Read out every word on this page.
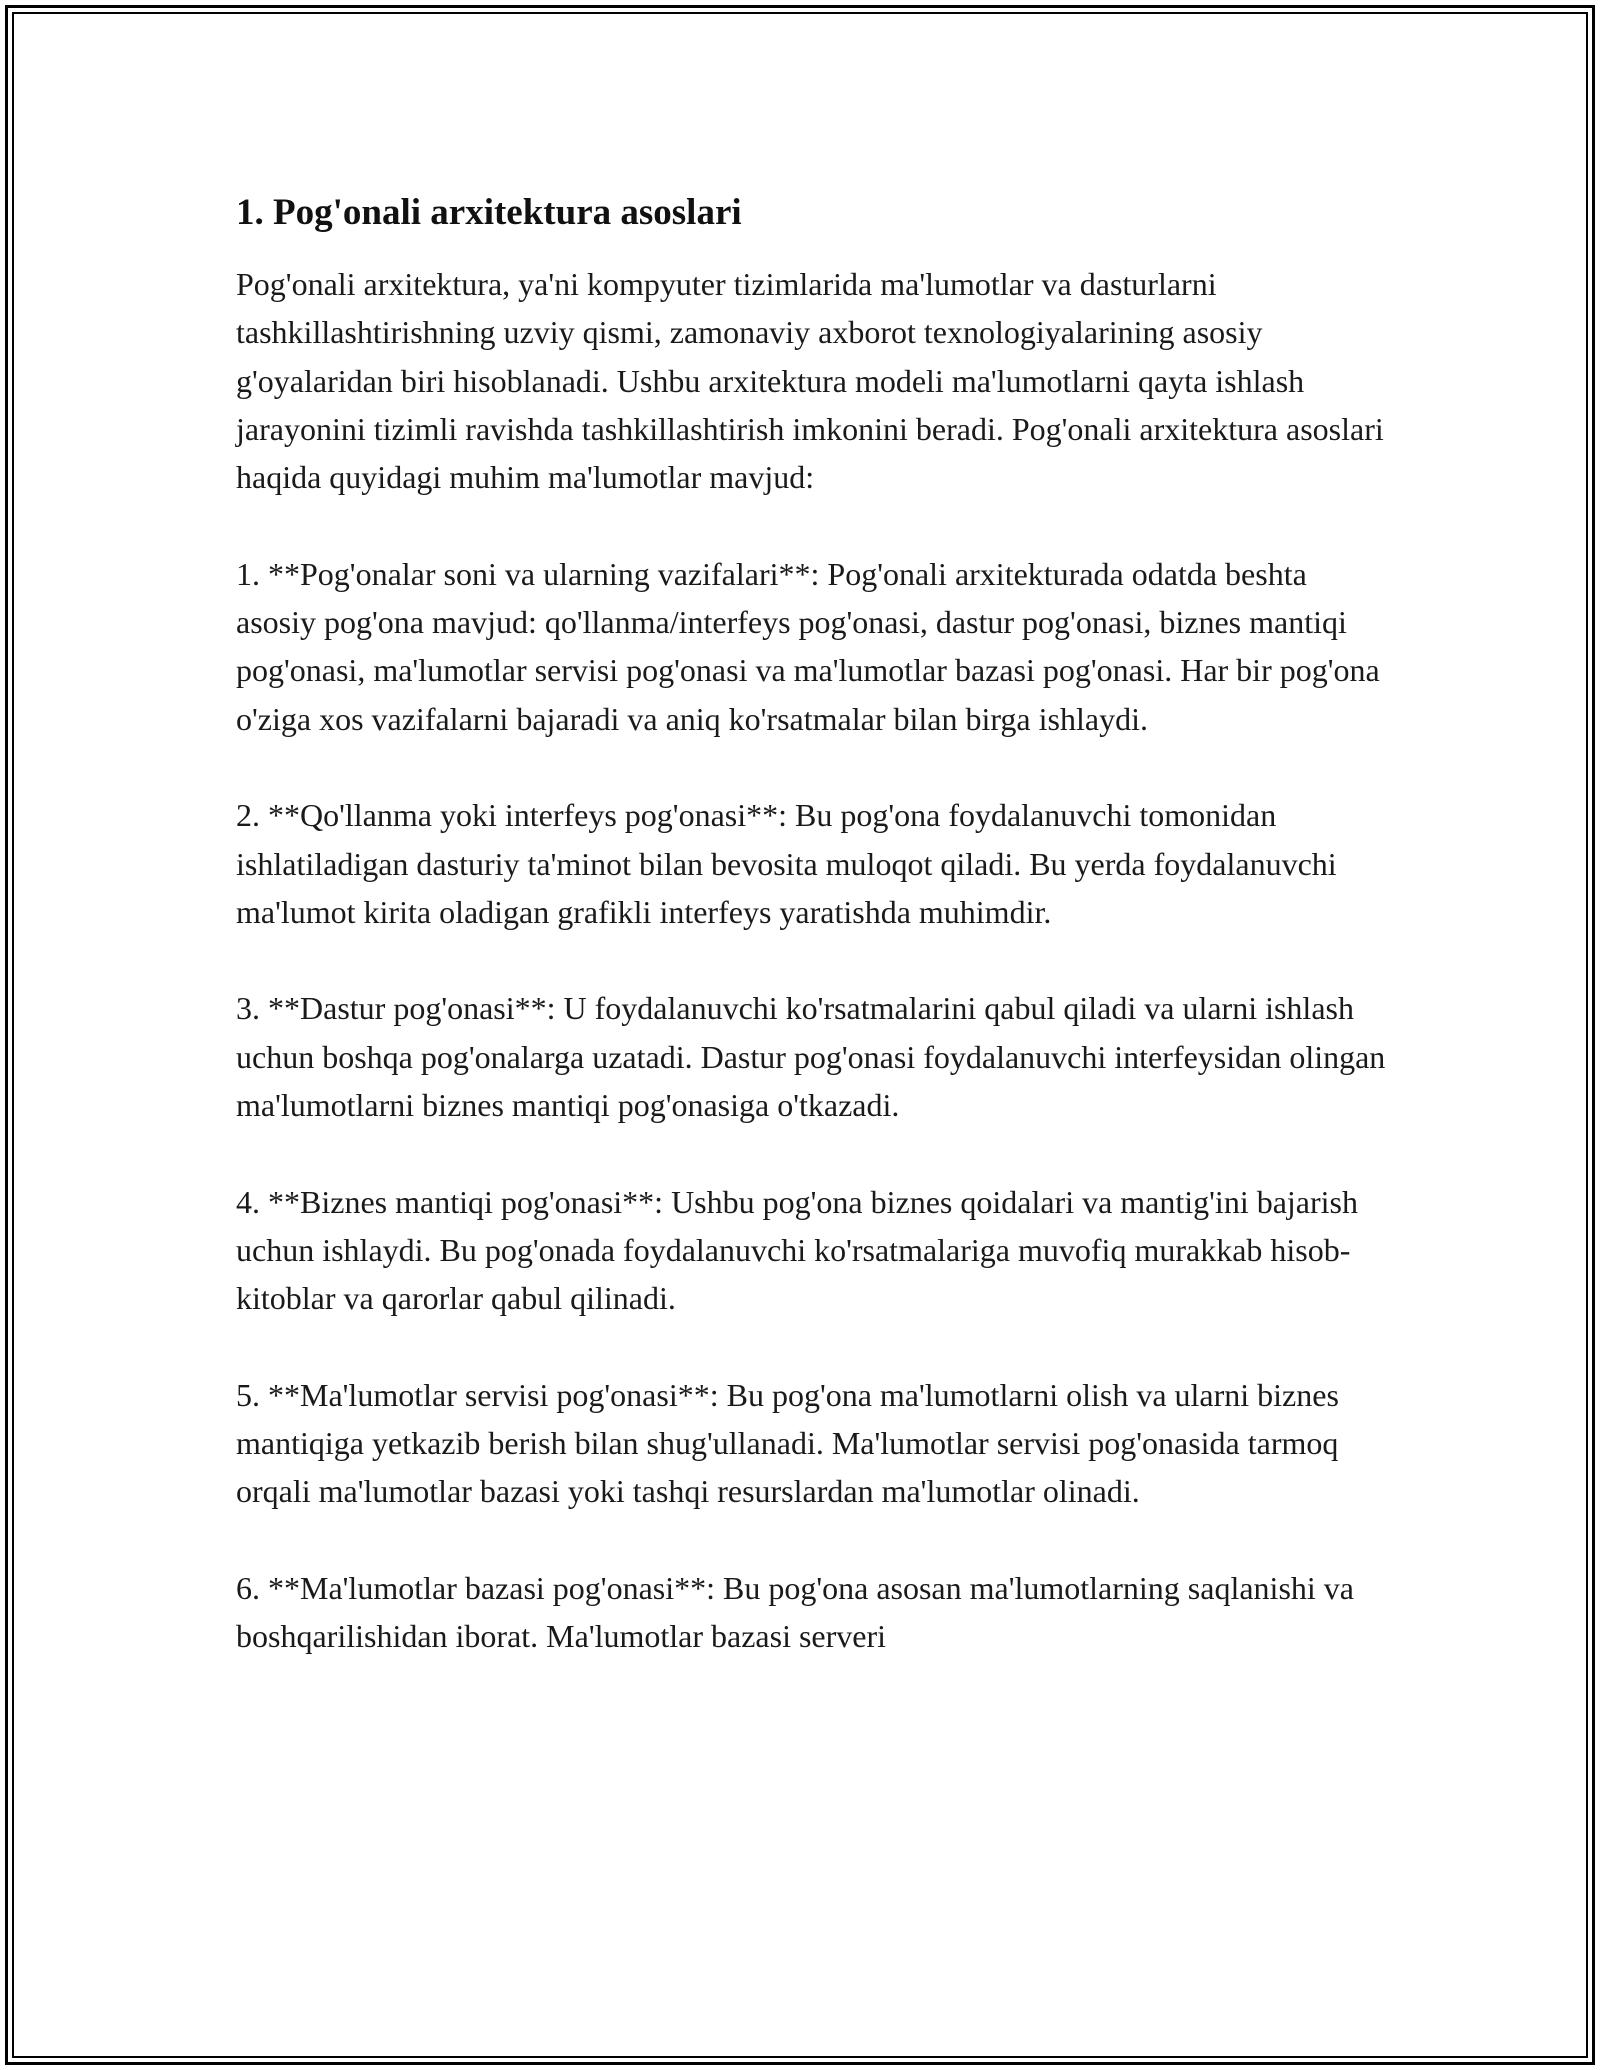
1. Pog'onali arxitektura asoslari

Pog'onali arxitektura, ya'ni kompyuter tizimlarida ma'lumotlar va dasturlarni tashkillashtirishning uzviy qismi, zamonaviy axborot texnologiyalarining asosiy g'oyalaridan biri hisoblanadi. Ushbu arxitektura modeli ma'lumotlarni qayta ishlash jarayonini tizimli ravishda tashkillashtirish imkonini beradi. Pog'onali arxitektura asoslari haqida quyidagi muhim ma'lumotlar mavjud:

1. **Pog'onalar soni va ularning vazifalari**: Pog'onali arxitekturada odatda beshta asosiy pog'ona mavjud: qo'llanma/interfeys pog'onasi, dastur pog'onasi, biznes mantiqi pog'onasi, ma'lumotlar servisi pog'onasi va ma'lumotlar bazasi pog'onasi. Har bir pog'ona o'ziga xos vazifalarni bajaradi va aniq ko'rsatmalar bilan birga ishlaydi.

2. **Qo'llanma yoki interfeys pog'onasi**: Bu pog'ona foydalanuvchi tomonidan ishlatiladigan dasturiy ta'minot bilan bevosita muloqot qiladi. Bu yerda foydalanuvchi ma'lumot kirita oladigan grafikli interfeys yaratishda muhimdir.

3. **Dastur pog'onasi**: U foydalanuvchi ko'rsatmalarini qabul qiladi va ularni ishlash uchun boshqa pog'onalarga uzatadi. Dastur pog'onasi foydalanuvchi interfeysidan olingan ma'lumotlarni biznes mantiqi pog'onasiga o'tkazadi.

4. **Biznes mantiqi pog'onasi**: Ushbu pog'ona biznes qoidalari va mantig'ini bajarish uchun ishlaydi. Bu pog'onada foydalanuvchi ko'rsatmalariga muvofiq murakkab hisob-kitoblar va qarorlar qabul qilinadi.

5. **Ma'lumotlar servisi pog'onasi**: Bu pog'ona ma'lumotlarni olish va ularni biznes mantiqiga yetkazib berish bilan shug'ullanadi. Ma'lumotlar servisi pog'onasida tarmoq orqali ma'lumotlar bazasi yoki tashqi resurslardan ma'lumotlar olinadi.

6. **Ma'lumotlar bazasi pog'onasi**: Bu pog'ona asosan ma'lumotlarning saqlanishi va boshqarilishidan iborat. Ma'lumotlar bazasi serveri
